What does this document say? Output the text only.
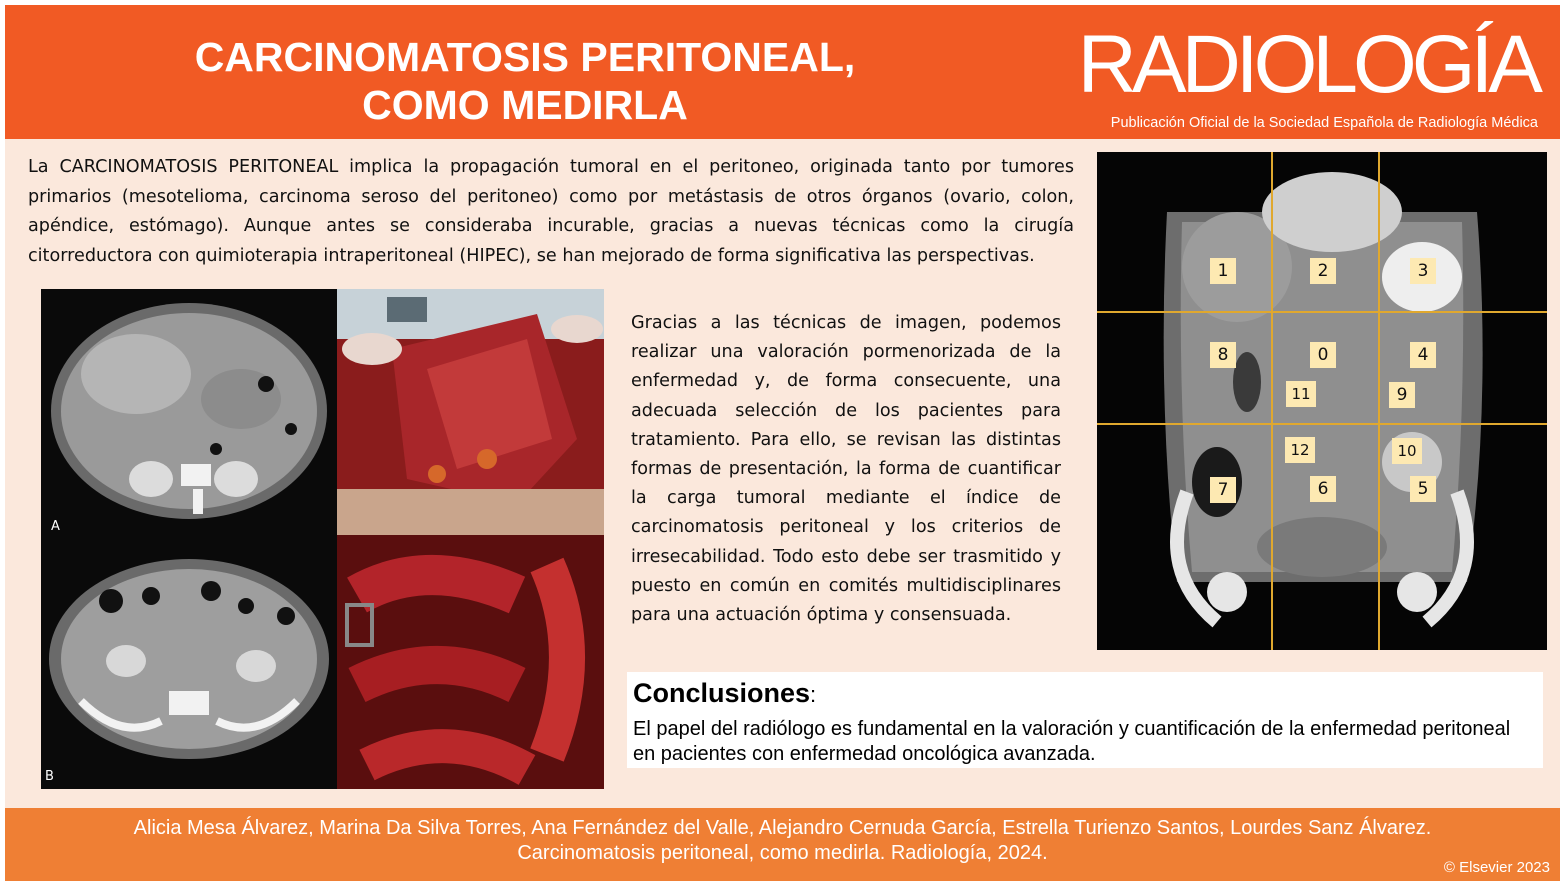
CARCINOMATOSIS PERITONEAL,
COMO MEDIRLA	RADIOLOGÍA
Publicación Oficial de la Sociedad Española de Radiología Médica
La CARCINOMATOSIS PERITONEAL implica la propagación tumoral en el peritoneo, originada tanto por tumores primarios (mesotelioma, carcinoma seroso del peritoneo) como por metástasis de otros órganos (ovario, colon, apéndice, estómago). Aunque antes se consideraba incurable, gracias a nuevas técnicas como la cirugía citorreductora con quimioterapia intraperitoneal (HIPEC), se han mejorado de forma significativa las perspectivas.
A
B
Gracias a las técnicas de imagen, podemos realizar una valoración pormenorizada de la enfermedad y, de forma consecuente, una adecuada selección de los pacientes para tratamiento. Para ello, se revisan las distintas formas de presentación, la forma de cuantificar la carga tumoral mediante el índice de carcinomatosis peritoneal y los criterios de irresecabilidad. Todo esto debe ser trasmitido y puesto en común en comités multidisciplinares para una actuación óptima y consensuada.
1	2	3
8	0	4
11	9
12	10
7	6	5
Conclusiones:
El papel del radiólogo es fundamental en la valoración y cuantificación de la enfermedad peritoneal en pacientes con enfermedad oncológica avanzada.
Alicia Mesa Álvarez, Marina Da Silva Torres, Ana Fernández del Valle, Alejandro Cernuda García, Estrella Turienzo Santos, Lourdes Sanz Álvarez.
Carcinomatosis peritoneal, como medirla. Radiología, 2024.
© Elsevier 2023
